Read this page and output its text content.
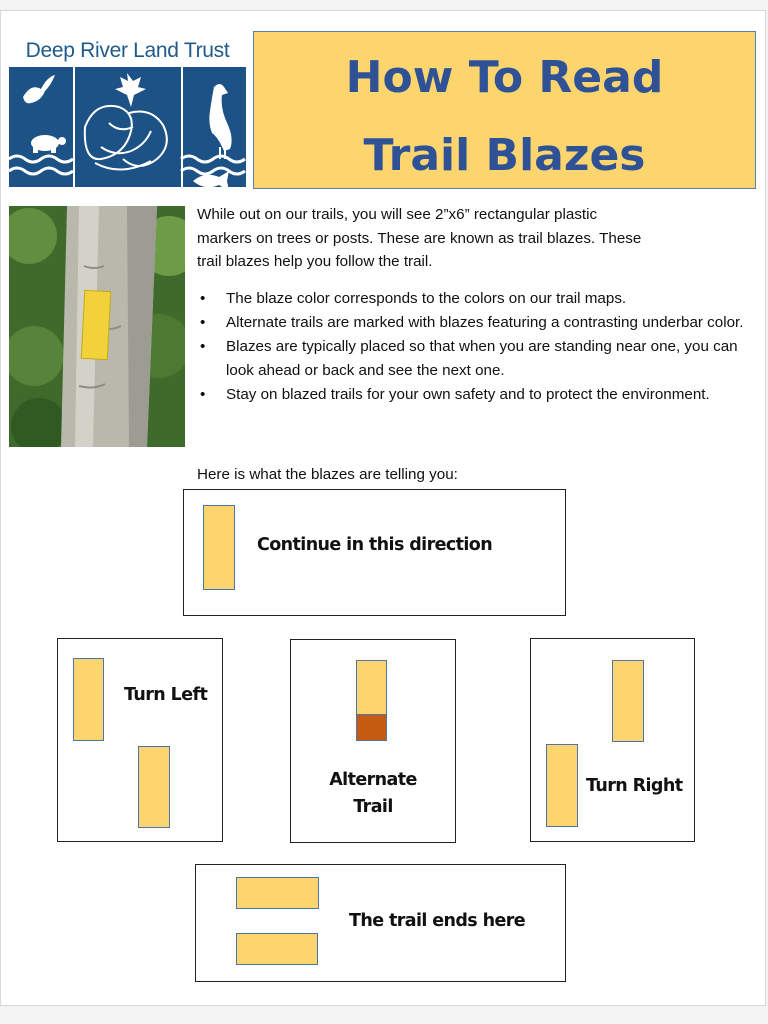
Deep River Land Trust
How To Read
Trail Blazes
While out on our trails, you will see 2”x6” rectangular plastic
markers on trees or posts. These are known as trail blazes. These
trail blazes help you follow the trail.
• The blaze color corresponds to the colors on our trail maps.
• Alternate trails are marked with blazes featuring a contrasting underbar color.
• Blazes are typically placed so that when you are standing near one, you can look ahead or back and see the next one.
• Stay on blazed trails for your own safety and to protect the environment.
Here is what the blazes are telling you:
Continue in this direction
Turn Left
Alternate
Trail
Turn Right
The trail ends here
